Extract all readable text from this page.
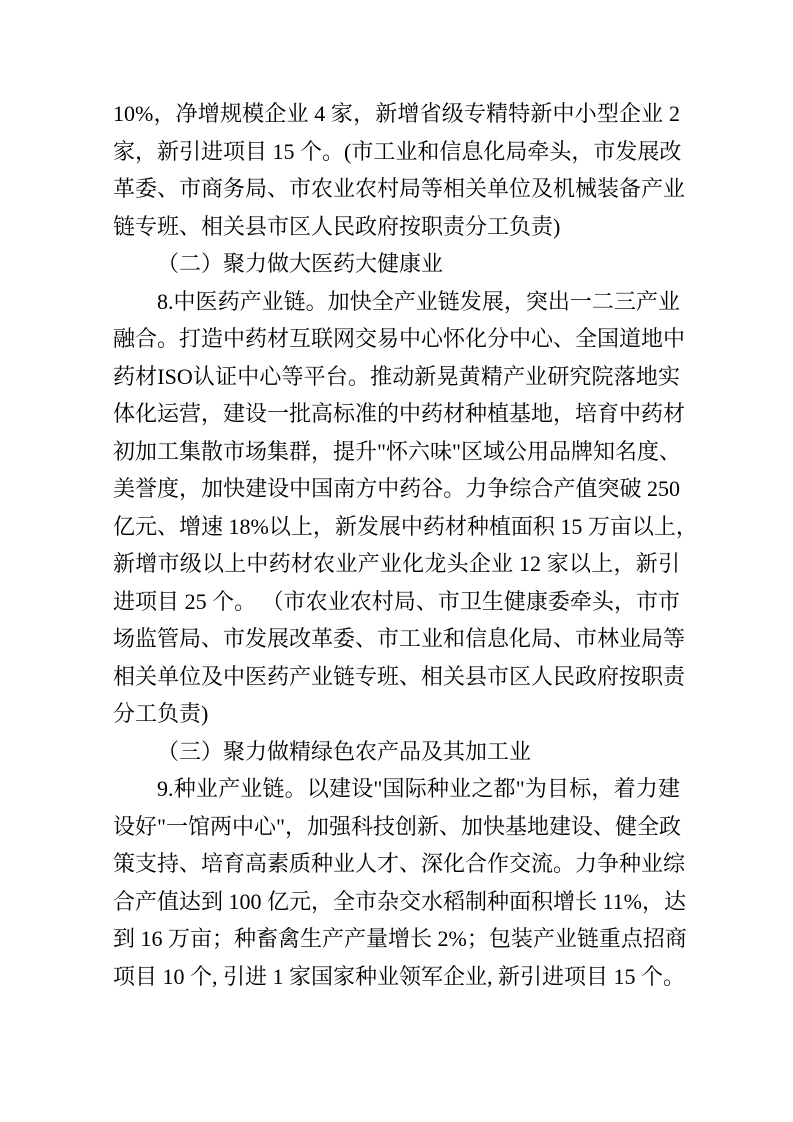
10%，净增规模企业 4 家，新增省级专精特新中小型企业 2
家，新引进项目 15 个。(市工业和信息化局牵头，市发展改
革委、市商务局、市农业农村局等相关单位及机械装备产业
链专班、相关县市区人民政府按职责分工负责)
（二）聚力做大医药大健康业
8.中医药产业链。加快全产业链发展，突出一二三产业
融合。打造中药材互联网交易中心怀化分中心、全国道地中
药材ISO认证中心等平台。推动新晃黄精产业研究院落地实
体化运营，建设一批高标准的中药材种植基地，培育中药材
初加工集散市场集群，提升"怀六味"区域公用品牌知名度、
美誉度，加快建设中国南方中药谷。力争综合产值突破 250
亿元、增速 18%以上，新发展中药材种植面积 15 万亩以上，
新增市级以上中药材农业产业化龙头企业 12 家以上，新引
进项目 25 个。 （市农业农村局、市卫生健康委牵头，市市
场监管局、市发展改革委、市工业和信息化局、市林业局等
相关单位及中医药产业链专班、相关县市区人民政府按职责
分工负责)
（三）聚力做精绿色农产品及其加工业
9.种业产业链。以建设"国际种业之都"为目标，着力建
设好"一馆两中心"，加强科技创新、加快基地建设、健全政
策支持、培育高素质种业人才、深化合作交流。力争种业综
合产值达到 100 亿元，全市杂交水稻制种面积增长 11%，达
到 16 万亩；种畜禽生产产量增长 2%；包装产业链重点招商
项目 10 个, 引进 1 家国家种业领军企业, 新引进项目 15 个。
